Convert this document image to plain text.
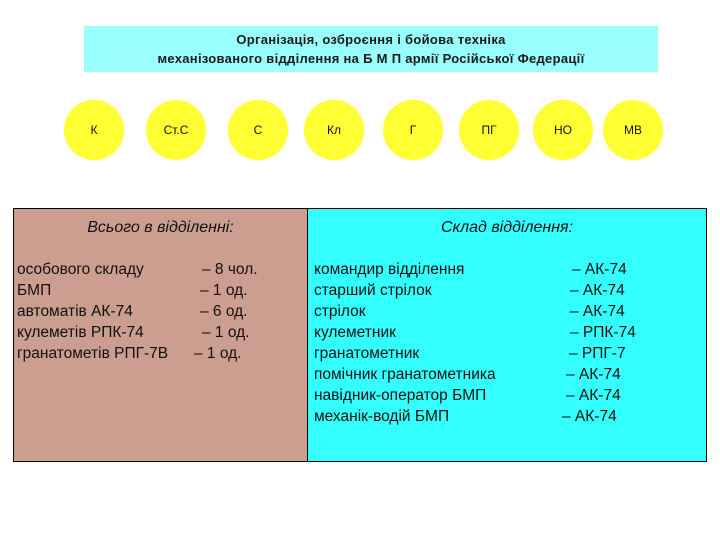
Організація, озброєння і бойова техніка
механізованого відділення на Б М П армії Російської Федерації
К	Ст.С	С	Кл	Г	ПГ	НО	МВ
Всього в відділенні:
особового складу	– 8 чол.
БМП	– 1 од.
автоматів АК-74	– 6 од.
кулеметів РПК-74	– 1 од.
гранатометів РПГ-7В – 1 од.
Склад відділення:
командир відділення	– АК-74
старший стрілок	– АК-74
стрілок	– АК-74
кулеметник	– РПК-74
гранатометник	– РПГ-7
помічник гранатометника	– АК-74
навідник-оператор БМП	– АК-74
механік-водій БМП	– АК-74
